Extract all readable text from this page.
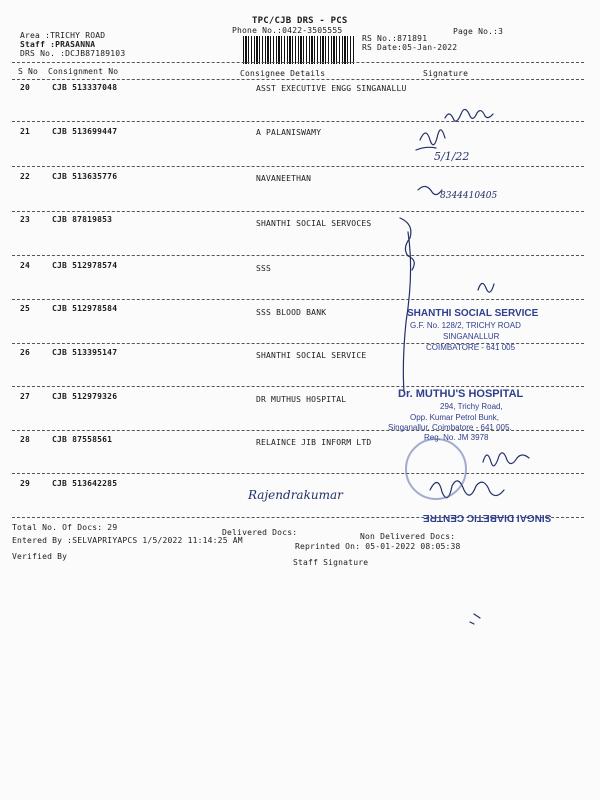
TPC/CJB DRS - PCS
Phone No.:0422-3505555	Page No.:3
Area :TRICHY ROAD
Staff :PRASANNA
DRS No. :DCJB87189103
RS No.:871891
RS Date:05-Jan-2022
S No Consignment No	Consignee Details	Signature
20	CJB 513337048	ASST EXECUTIVE ENGG SINGANALLU
21	CJB 513699447	A PALANISWAMY
22	CJB 513635776	NAVANEETHAN
23	CJB 87819853	SHANTHI SOCIAL SERVOCES
24	CJB 512978574	SSS
25	CJB 512978584	SSS BLOOD BANK
26	CJB 513395147	SHANTHI SOCIAL SERVICE
27	CJB 512979326	DR MUTHUS HOSPITAL
28	CJB 87558561	RELAINCE JIB INFORM LTD
29	CJB 513642285
Total No. Of Docs: 29
Delivered Docs:	Non Delivered Docs:
Entered By :SELVAPRIYAPCS 1/5/2022 11:14:25 AM
Reprinted On: 05-01-2022 08:05:38
Verified By
Staff Signature
5/1/22
8344410405
Rajendrakumar
SHANTHI SOCIAL SERVICE
G.F. No. 128/2, TRICHY ROAD
SINGANALLUR
COIMBATORE - 641 005
Dr. MUTHU'S HOSPITAL
294, Trichy Road,
Opp. Kumar Petrol Bunk,
Singanallur, Coimbatore - 641 005.
Reg. No. JM 3978
SINGAI DIABETIC CENTRE
